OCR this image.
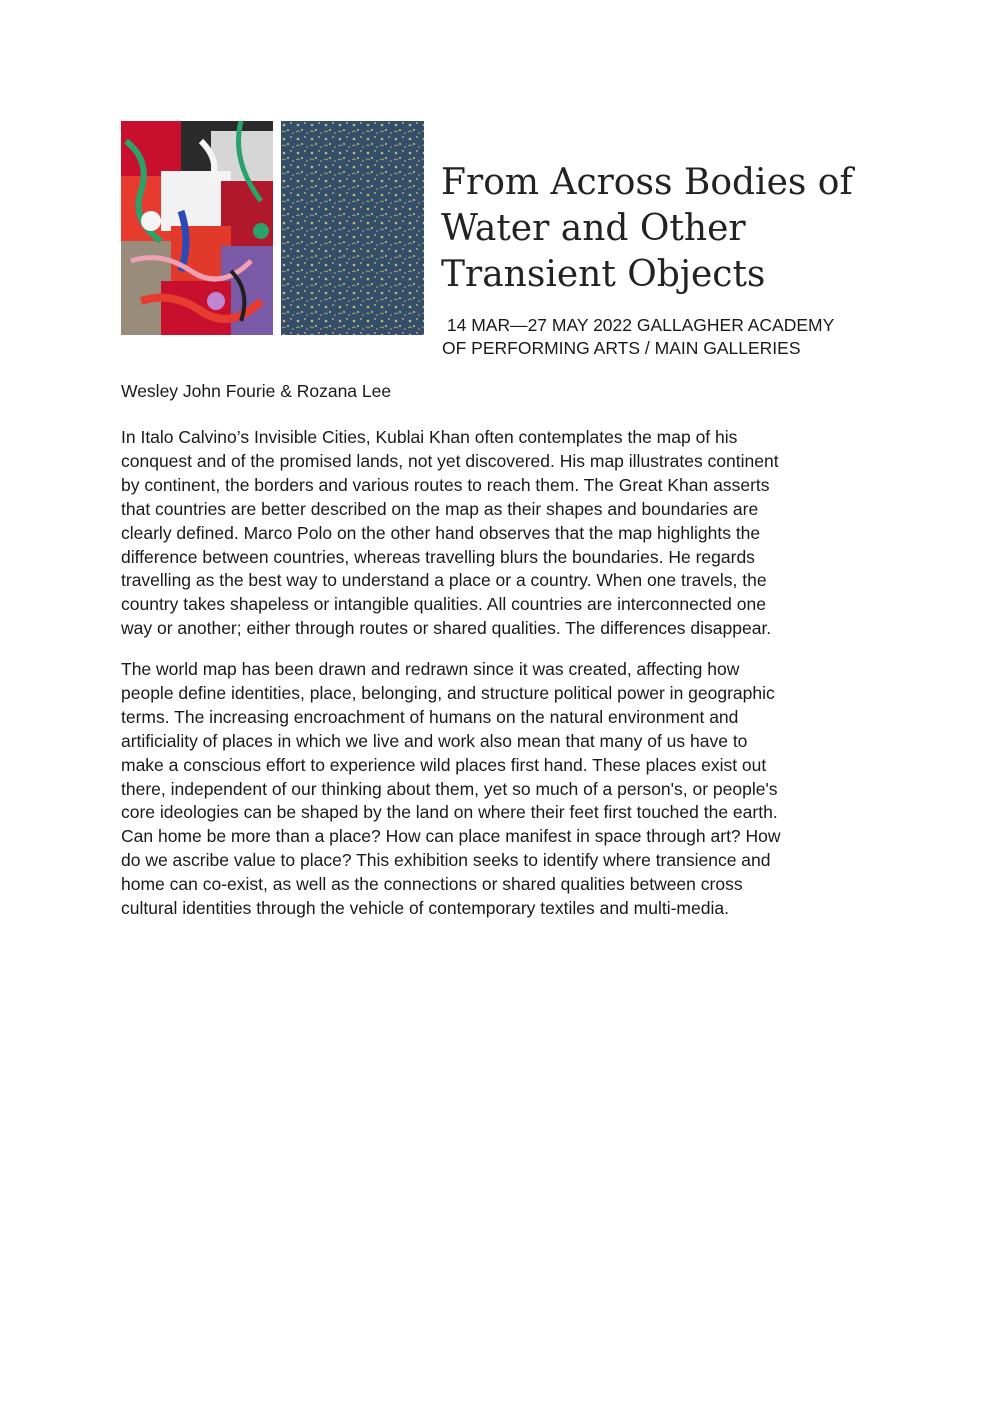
From Across Bodies of
Water and Other
Transient Objects
14 MAR—27 MAY 2022 GALLAGHER ACADEMY
OF PERFORMING ARTS / MAIN GALLERIES

Wesley John Fourie & Rozana Lee

In Italo Calvino’s Invisible Cities, Kublai Khan often contemplates the map of his
conquest and of the promised lands, not yet discovered. His map illustrates continent
by continent, the borders and various routes to reach them. The Great Khan asserts
that countries are better described on the map as their shapes and boundaries are
clearly defined. Marco Polo on the other hand observes that the map highlights the
difference between countries, whereas travelling blurs the boundaries. He regards
travelling as the best way to understand a place or a country. When one travels, the
country takes shapeless or intangible qualities. All countries are interconnected one
way or another; either through routes or shared qualities. The differences disappear.

The world map has been drawn and redrawn since it was created, affecting how
people define identities, place, belonging, and structure political power in geographic
terms. The increasing encroachment of humans on the natural environment and
artificiality of places in which we live and work also mean that many of us have to
make a conscious effort to experience wild places first hand. These places exist out
there, independent of our thinking about them, yet so much of a person's, or people's
core ideologies can be shaped by the land on where their feet first touched the earth.
Can home be more than a place? How can place manifest in space through art? How
do we ascribe value to place? This exhibition seeks to identify where transience and
home can co-exist, as well as the connections or shared qualities between cross
cultural identities through the vehicle of contemporary textiles and multi-media.
